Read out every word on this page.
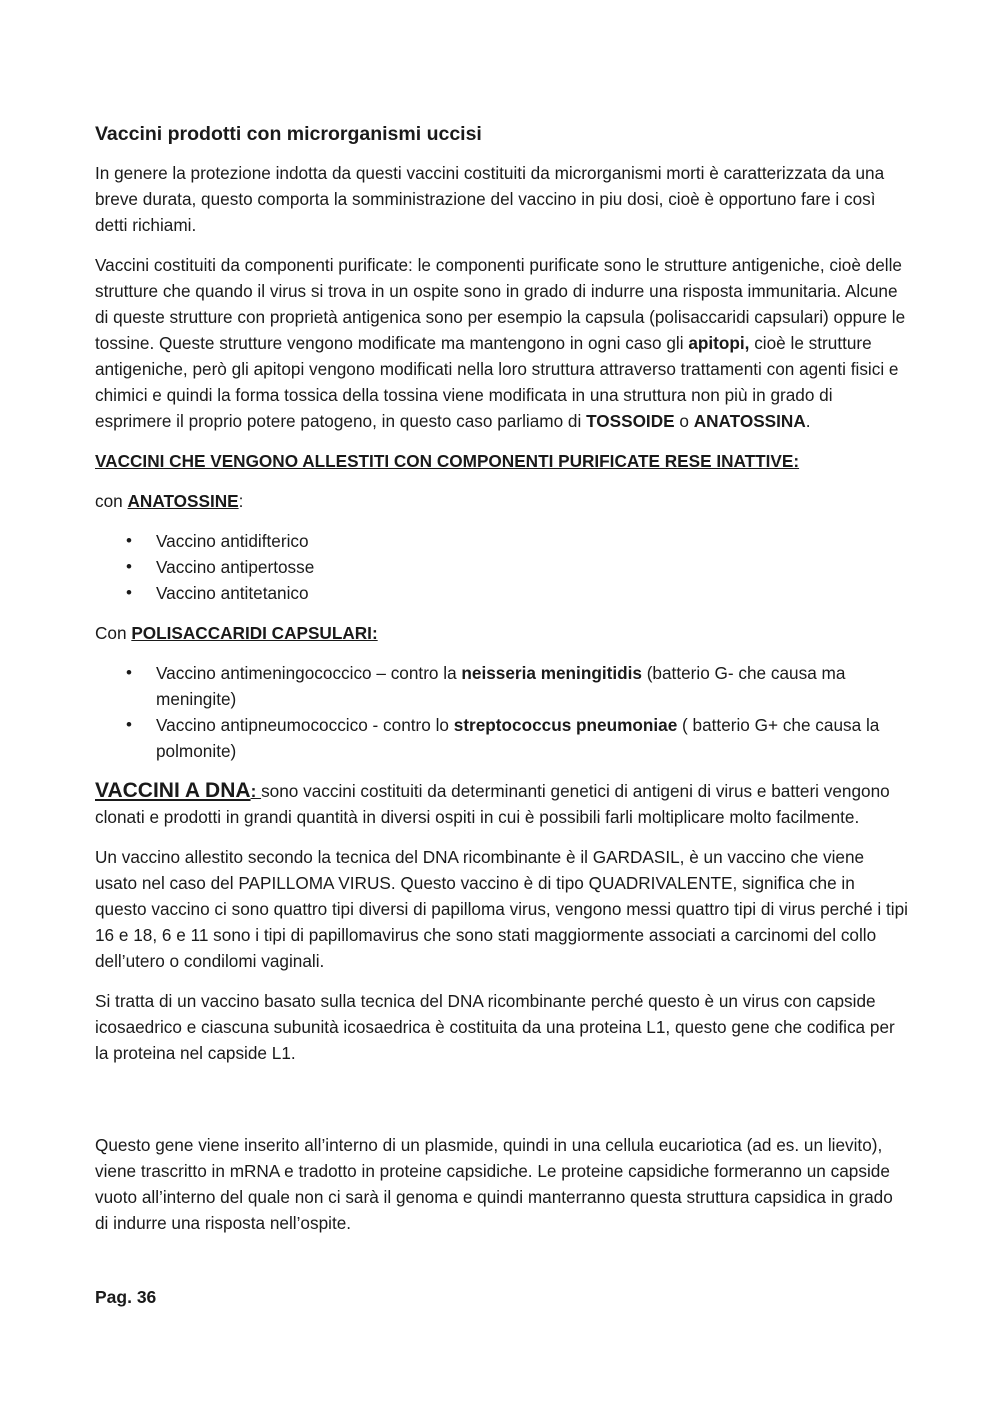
Vaccini prodotti con microrganismi uccisi

In genere la protezione indotta da questi vaccini costituiti da microrganismi morti è caratterizzata da una breve durata, questo comporta la somministrazione del vaccino in piu dosi, cioè è opportuno fare i così detti richiami.

Vaccini costituiti da componenti purificate: le componenti purificate sono le strutture antigeniche, cioè delle strutture che quando il virus si trova in un ospite sono in grado di indurre una risposta immunitaria. Alcune di queste strutture con proprietà antigenica sono per esempio la capsula (polisaccaridi capsulari) oppure le tossine. Queste strutture vengono modificate ma mantengono in ogni caso gli apitopi, cioè le strutture antigeniche, però gli apitopi vengono modificati nella loro struttura attraverso trattamenti con agenti fisici e chimici e quindi la forma tossica della tossina viene modificata in una struttura non più in grado di esprimere il proprio potere patogeno, in questo caso parliamo di TOSSOIDE o ANATOSSINA.

VACCINI CHE VENGONO ALLESTITI CON COMPONENTI PURIFICATE RESE INATTIVE:

con ANATOSSINE:

• Vaccino antidifterico
• Vaccino antipertosse
• Vaccino antitetanico

Con POLISACCARIDI CAPSULARI:

• Vaccino antimeningococcico – contro la neisseria meningitidis (batterio G- che causa ma meningite)
• Vaccino antipneumococcico - contro lo streptococcus pneumoniae ( batterio G+ che causa la polmonite)

VACCINI A DNA: sono vaccini costituiti da determinanti genetici di antigeni di virus e batteri vengono clonati e prodotti in grandi quantità in diversi ospiti in cui è possibili farli moltiplicare molto facilmente.

Un vaccino allestito secondo la tecnica del DNA ricombinante è il GARDASIL, è un vaccino che viene usato nel caso del PAPILLOMA VIRUS. Questo vaccino è di tipo QUADRIVALENTE, significa che in questo vaccino ci sono quattro tipi diversi di papilloma virus, vengono messi quattro tipi di virus perché i tipi 16 e 18, 6 e 11 sono i tipi di papillomavirus che sono stati maggiormente associati a carcinomi del collo dell’utero o condilomi vaginali.

Si tratta di un vaccino basato sulla tecnica del DNA ricombinante perché questo è un virus con capside icosaedrico e ciascuna subunità icosaedrica è costituita da una proteina L1, questo gene che codifica per la proteina nel capside L1.

Questo gene viene inserito all’interno di un plasmide, quindi in una cellula eucariotica (ad es. un lievito), viene trascritto in mRNA e tradotto in proteine capsidiche. Le proteine capsidiche formeranno un capside vuoto all’interno del quale non ci sarà il genoma e quindi manterranno questa struttura capsidica in grado di indurre una risposta nell’ospite.

Pag. 36
